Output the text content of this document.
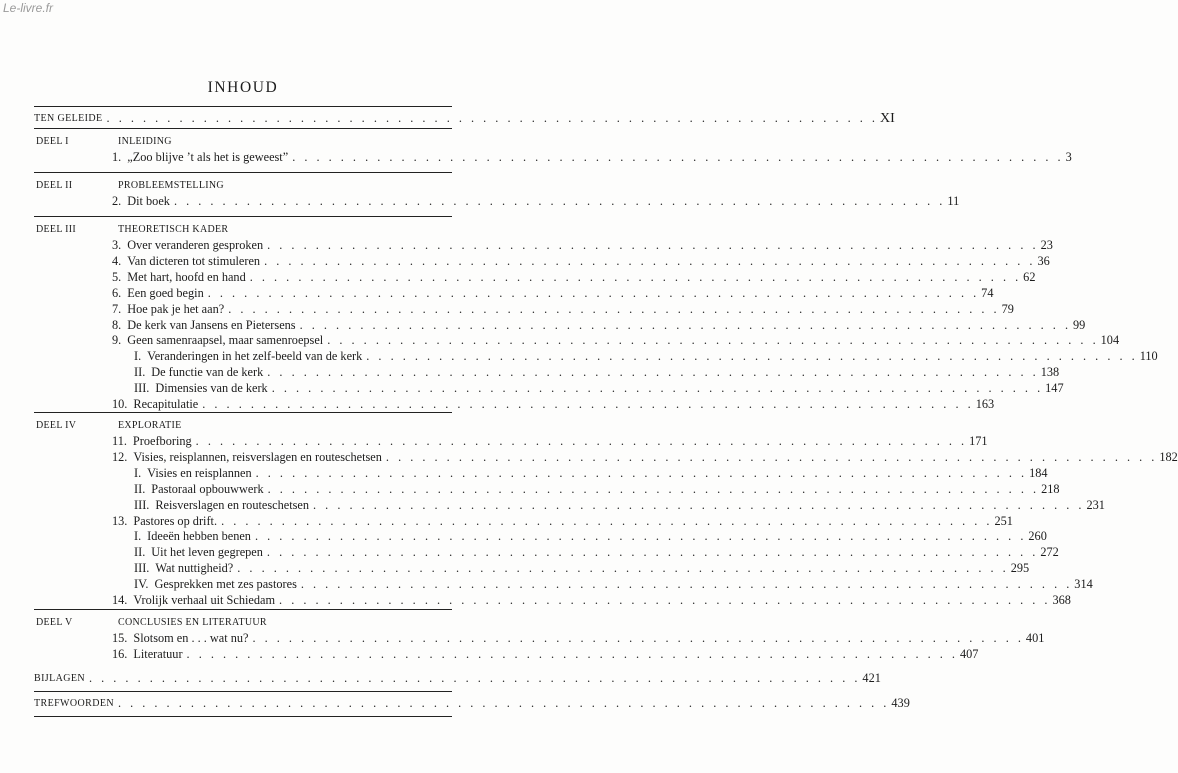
Le-livre.fr
INHOUD
TEN GELEIDE . . . . . . . . . . . . . . . . . . . . . . . . . . . . . . . . . . . . . . . . . . . . . . . . . . . . . . . . . . . . . . . . XI
DEEL I	INLEIDING
1. „Zoo blijve ’t als het is geweest” . . . . . . . . . . . . . . . . . . . . . . . . . . . . . . . . . . . . . . . . . . . . . . . . . . . . . . . . . . . . . . . . 3
DEEL II	PROBLEEMSTELLING
2. Dit boek . . . . . . . . . . . . . . . . . . . . . . . . . . . . . . . . . . . . . . . . . . . . . . . . . . . . . . . . . . . . . . . . 11
DEEL III	THEORETISCH KADER
3. Over veranderen gesproken . . . . . . . . . . . . . . . . . . . . . . . . . . . . . . . . . . . . . . . . . . . . . . . . . . . . . . . . . . . . . . . . 23
4. Van dicteren tot stimuleren . . . . . . . . . . . . . . . . . . . . . . . . . . . . . . . . . . . . . . . . . . . . . . . . . . . . . . . . . . . . . . . . 36
5. Met hart, hoofd en hand . . . . . . . . . . . . . . . . . . . . . . . . . . . . . . . . . . . . . . . . . . . . . . . . . . . . . . . . . . . . . . . . 62
6. Een goed begin . . . . . . . . . . . . . . . . . . . . . . . . . . . . . . . . . . . . . . . . . . . . . . . . . . . . . . . . . . . . . . . . 74
7. Hoe pak je het aan? . . . . . . . . . . . . . . . . . . . . . . . . . . . . . . . . . . . . . . . . . . . . . . . . . . . . . . . . . . . . . . . . 79
8. De kerk van Jansens en Pietersens . . . . . . . . . . . . . . . . . . . . . . . . . . . . . . . . . . . . . . . . . . . . . . . . . . . . . . . . . . . . . . . . 99
9. Geen samenraapsel, maar samenroepsel . . . . . . . . . . . . . . . . . . . . . . . . . . . . . . . . . . . . . . . . . . . . . . . . . . . . . . . . . . . . . . . . 104
I. Veranderingen in het zelf-beeld van de kerk . . . . . . . . . . . . . . . . . . . . . . . . . . . . . . . . . . . . . . . . . . . . . . . . . . . . . . . . . . . . . . . . 110
II. De functie van de kerk . . . . . . . . . . . . . . . . . . . . . . . . . . . . . . . . . . . . . . . . . . . . . . . . . . . . . . . . . . . . . . . . 138
III. Dimensies van de kerk . . . . . . . . . . . . . . . . . . . . . . . . . . . . . . . . . . . . . . . . . . . . . . . . . . . . . . . . . . . . . . . . 147
10. Recapitulatie . . . . . . . . . . . . . . . . . . . . . . . . . . . . . . . . . . . . . . . . . . . . . . . . . . . . . . . . . . . . . . . . 163
DEEL IV	EXPLORATIE
11. Proefboring . . . . . . . . . . . . . . . . . . . . . . . . . . . . . . . . . . . . . . . . . . . . . . . . . . . . . . . . . . . . . . . . 171
12. Visies, reisplannen, reisverslagen en routeschetsen . . . . . . . . . . . . . . . . . . . . . . . . . . . . . . . . . . . . . . . . . . . . . . . . . . . . . . . . . . . . . . . . 182
I. Visies en reisplannen . . . . . . . . . . . . . . . . . . . . . . . . . . . . . . . . . . . . . . . . . . . . . . . . . . . . . . . . . . . . . . . . 184
II. Pastoraal opbouwwerk . . . . . . . . . . . . . . . . . . . . . . . . . . . . . . . . . . . . . . . . . . . . . . . . . . . . . . . . . . . . . . . . 218
III. Reisverslagen en routeschetsen . . . . . . . . . . . . . . . . . . . . . . . . . . . . . . . . . . . . . . . . . . . . . . . . . . . . . . . . . . . . . . . . 231
13. Pastores op drift. . . . . . . . . . . . . . . . . . . . . . . . . . . . . . . . . . . . . . . . . . . . . . . . . . . . . . . . . . . . . . . . . 251
I. Ideeën hebben benen . . . . . . . . . . . . . . . . . . . . . . . . . . . . . . . . . . . . . . . . . . . . . . . . . . . . . . . . . . . . . . . . 260
II. Uit het leven gegrepen . . . . . . . . . . . . . . . . . . . . . . . . . . . . . . . . . . . . . . . . . . . . . . . . . . . . . . . . . . . . . . . . 272
III. Wat nuttigheid? . . . . . . . . . . . . . . . . . . . . . . . . . . . . . . . . . . . . . . . . . . . . . . . . . . . . . . . . . . . . . . . . 295
IV. Gesprekken met zes pastores . . . . . . . . . . . . . . . . . . . . . . . . . . . . . . . . . . . . . . . . . . . . . . . . . . . . . . . . . . . . . . . . 314
14. Vrolijk verhaal uit Schiedam . . . . . . . . . . . . . . . . . . . . . . . . . . . . . . . . . . . . . . . . . . . . . . . . . . . . . . . . . . . . . . . . 368
DEEL V	CONCLUSIES EN LITERATUUR
15. Slotsom en . . . wat nu? . . . . . . . . . . . . . . . . . . . . . . . . . . . . . . . . . . . . . . . . . . . . . . . . . . . . . . . . . . . . . . . . 401
16. Literatuur . . . . . . . . . . . . . . . . . . . . . . . . . . . . . . . . . . . . . . . . . . . . . . . . . . . . . . . . . . . . . . . . 407
BIJLAGEN . . . . . . . . . . . . . . . . . . . . . . . . . . . . . . . . . . . . . . . . . . . . . . . . . . . . . . . . . . . . . . . . 421
TREFWOORDEN . . . . . . . . . . . . . . . . . . . . . . . . . . . . . . . . . . . . . . . . . . . . . . . . . . . . . . . . . . . . . . . . 439
